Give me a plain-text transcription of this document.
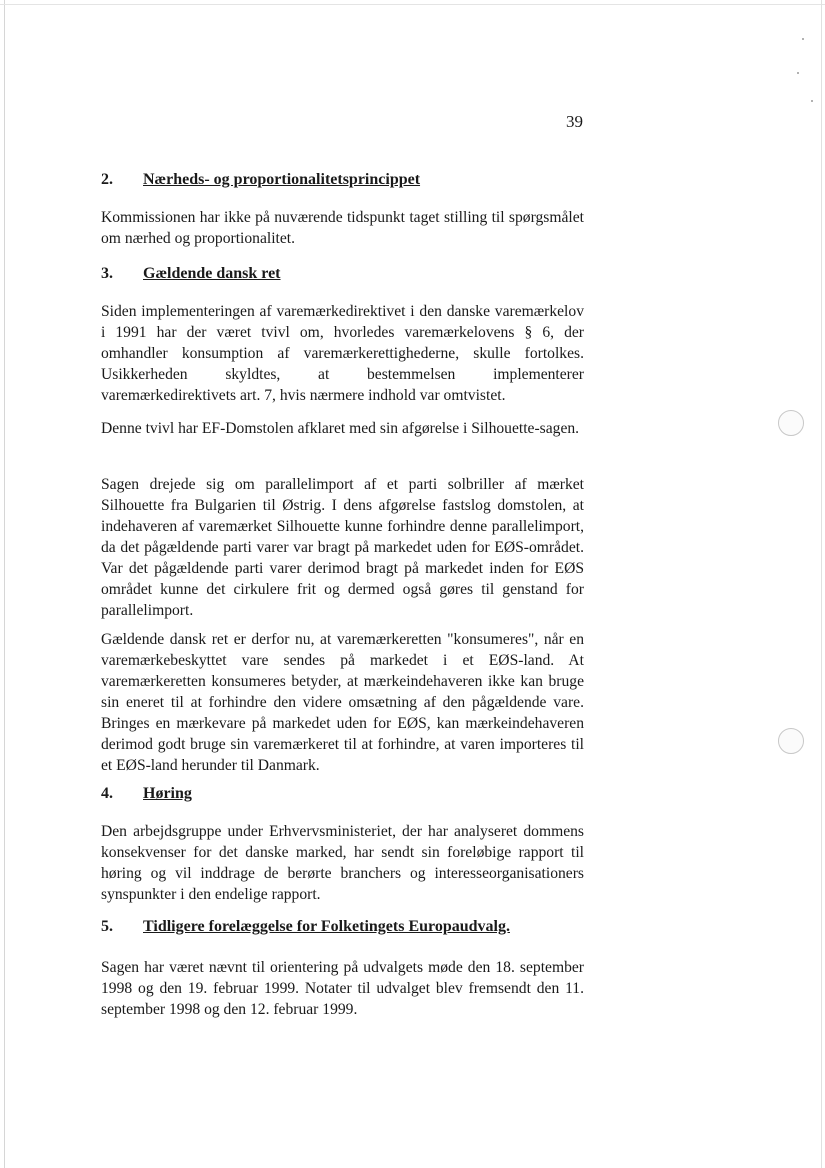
39
2.	Nærheds- og proportionalitetsprincippet

Kommissionen har ikke på nuværende tidspunkt taget stilling til spørgsmålet om nærhed og proportionalitet.

3.	Gældende dansk ret

Siden implementeringen af varemærkedirektivet i den danske varemærkelov i 1991 har der været tvivl om, hvorledes varemærkelovens § 6, der omhandler konsumption af varemærkerettighederne, skulle fortolkes. Usikkerheden skyldtes, at bestemmelsen implementerer varemærkedirektivets art. 7, hvis nærmere indhold var omtvistet.

Denne tvivl har EF-Domstolen afklaret med sin afgørelse i Silhouette-sagen.

Sagen drejede sig om parallelimport af et parti solbriller af mærket Silhouette fra Bulgarien til Østrig. I dens afgørelse fastslog domstolen, at indehaveren af varemærket Silhouette kunne forhindre denne parallelimport, da det pågældende parti varer var bragt på markedet uden for EØS-området. Var det pågældende parti varer derimod bragt på markedet inden for EØS området kunne det cirkulere frit og dermed også gøres til genstand for parallelimport.

Gældende dansk ret er derfor nu, at varemærkeretten "konsumeres", når en varemærkebeskyttet vare sendes på markedet i et EØS-land. At varemærkeretten konsumeres betyder, at mærkeindehaveren ikke kan bruge sin eneret til at forhindre den videre omsætning af den pågældende vare. Bringes en mærkevare på markedet uden for EØS, kan mærkeindehaveren derimod godt bruge sin varemærkeret til at forhindre, at varen importeres til et EØS-land herunder til Danmark.

4.	Høring

Den arbejdsgruppe under Erhvervsministeriet, der har analyseret dommens konsekvenser for det danske marked, har sendt sin foreløbige rapport til høring og vil inddrage de berørte branchers og interesseorganisationers synspunkter i den endelige rapport.

5.	Tidligere forelæggelse for Folketingets Europaudvalg.

Sagen har været nævnt til orientering på udvalgets møde den 18. september 1998 og den 19. februar 1999. Notater til udvalget blev fremsendt den 11. september 1998 og den 12. februar 1999.
